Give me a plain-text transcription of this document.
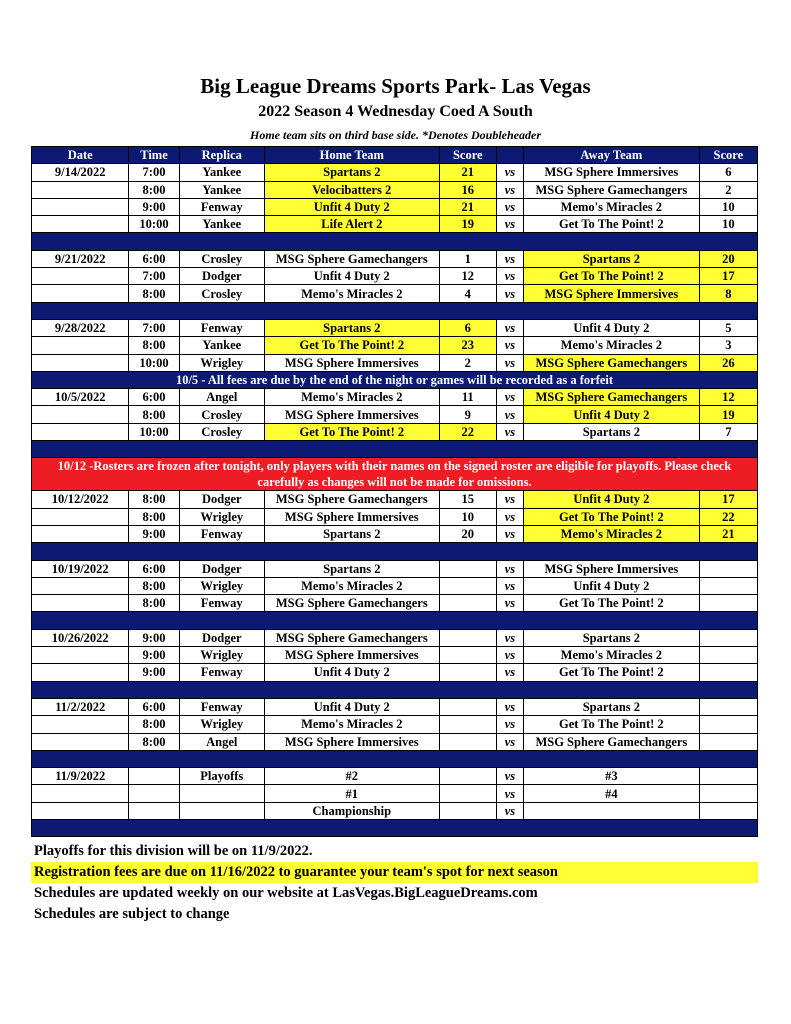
Big League Dreams Sports Park- Las Vegas
2022 Season 4 Wednesday Coed A South
Home team sits on third base side. *Denotes Doubleheader
Date	Time	Replica	Home Team	Score		Away Team	Score
9/14/2022	7:00	Yankee	Spartans 2	21	vs	MSG Sphere Immersives	6
	8:00	Yankee	Velocibatters 2	16	vs	MSG Sphere Gamechangers	2
	9:00	Fenway	Unfit 4 Duty 2	21	vs	Memo's Miracles 2	10
	10:00	Yankee	Life Alert 2	19	vs	Get To The Point! 2	10

9/21/2022	6:00	Crosley	MSG Sphere Gamechangers	1	vs	Spartans 2	20
	7:00	Dodger	Unfit 4 Duty 2	12	vs	Get To The Point! 2	17
	8:00	Crosley	Memo's Miracles 2	4	vs	MSG Sphere Immersives	8

9/28/2022	7:00	Fenway	Spartans 2	6	vs	Unfit 4 Duty 2	5
	8:00	Yankee	Get To The Point! 2	23	vs	Memo's Miracles 2	3
	10:00	Wrigley	MSG Sphere Immersives	2	vs	MSG Sphere Gamechangers	26
10/5 - All fees are due by the end of the night or games will be recorded as a forfeit							
10/5/2022	6:00	Angel	Memo's Miracles 2	11	vs	MSG Sphere Gamechangers	12
	8:00	Crosley	MSG Sphere Immersives	9	vs	Unfit 4 Duty 2	19
	10:00	Crosley	Get To The Point! 2	22	vs	Spartans 2	7

10/12 -Rosters are frozen after tonight, only players with their names on the signed roster are eligible for playoffs. Please check carefully as changes will not be made for omissions.							
10/12/2022	8:00	Dodger	MSG Sphere Gamechangers	15	vs	Unfit 4 Duty 2	17
	8:00	Wrigley	MSG Sphere Immersives	10	vs	Get To The Point! 2	22
	9:00	Fenway	Spartans 2	20	vs	Memo's Miracles 2	21

10/19/2022	6:00	Dodger	Spartans 2		vs	MSG Sphere Immersives	
	8:00	Wrigley	Memo's Miracles 2		vs	Unfit 4 Duty 2	
	8:00	Fenway	MSG Sphere Gamechangers		vs	Get To The Point! 2	

10/26/2022	9:00	Dodger	MSG Sphere Gamechangers		vs	Spartans 2	
	9:00	Wrigley	MSG Sphere Immersives		vs	Memo's Miracles 2	
	9:00	Fenway	Unfit 4 Duty 2		vs	Get To The Point! 2	

11/2/2022	6:00	Fenway	Unfit 4 Duty 2		vs	Spartans 2	
	8:00	Wrigley	Memo's Miracles 2		vs	Get To The Point! 2	
	8:00	Angel	MSG Sphere Immersives		vs	MSG Sphere Gamechangers	

11/9/2022		Playoffs	#2		vs	#3	
			#1		vs	#4	
			Championship		vs		

Playoffs for this division will be on 11/9/2022.
Registration fees are due on 11/16/2022 to guarantee your team's spot for next season
Schedules are updated weekly on our website at LasVegas.BigLeagueDreams.com
Schedules are subject to change
